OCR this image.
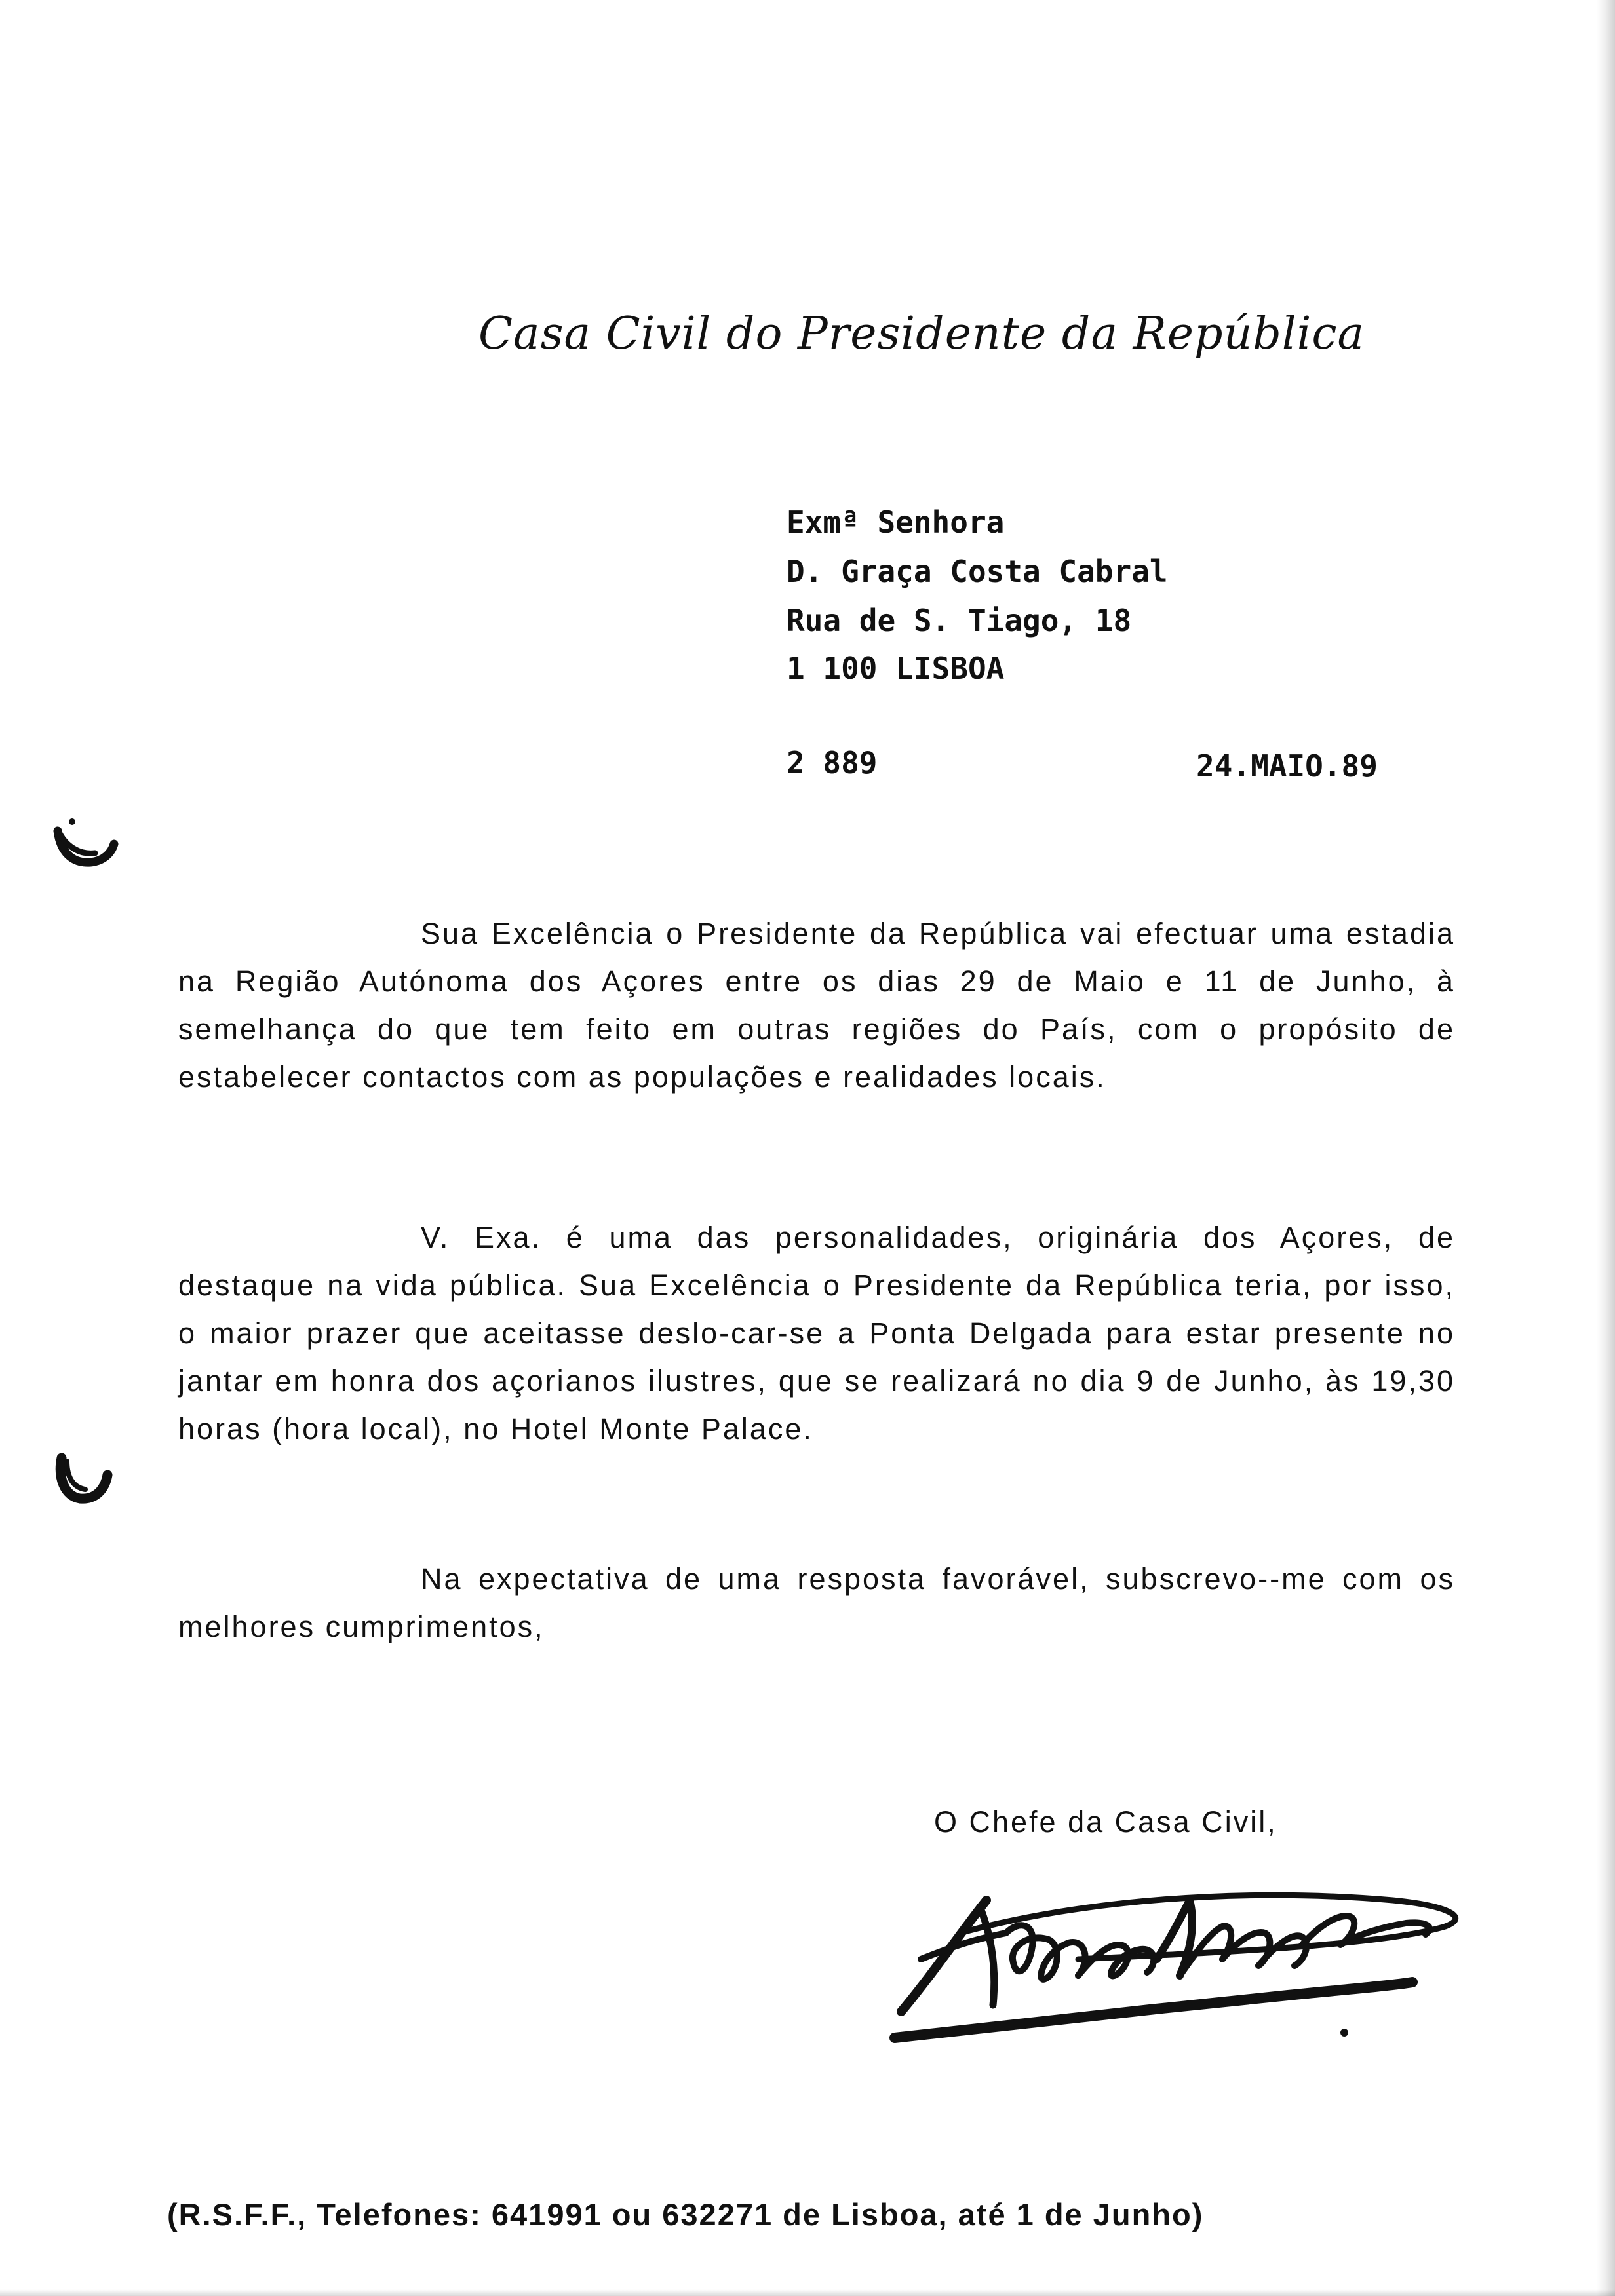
Casa Civil do Presidente da República
Exmª Senhora
D. Graça Costa Cabral
Rua de S. Tiago, 18
1 100 LISBOA
2 889	24.MAIO.89

Sua Excelência o Presidente da República vai efectuar uma estadia na Região Autónoma dos Açores entre os dias 29 de Maio e 11 de Junho, à semelhança do que tem feito em outras regiões do País, com o propósito de estabelecer contactos com as populações e realidades locais.

V. Exa. é uma das personalidades, originária dos Açores, de destaque na vida pública. Sua Excelência o Presidente da República teria, por isso, o maior prazer que aceitasse deslo-car-se a Ponta Delgada para estar presente no jantar em honra dos açorianos ilustres, que se realizará no dia 9 de Junho, às 19,30 horas (hora local), no Hotel Monte Palace.

Na expectativa de uma resposta favorável, subscrevo--me com os melhores cumprimentos,

O Chefe da Casa Civil,
(R.S.F.F., Telefones: 641991 ou 632271 de Lisboa, até 1 de Junho)
